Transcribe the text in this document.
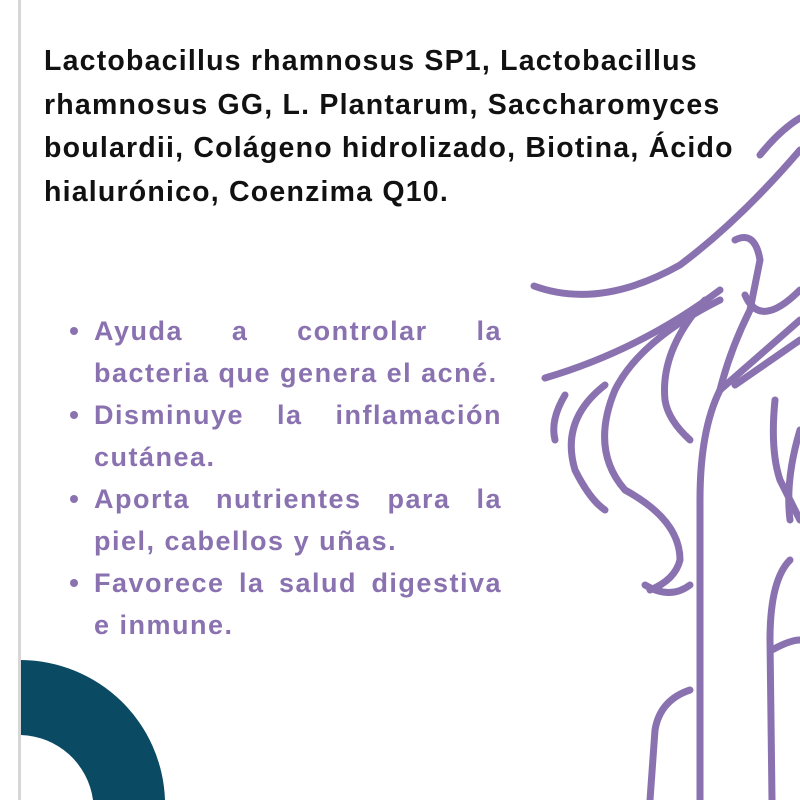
Lactobacillus rhamnosus SP1, Lactobacillus rhamnosus GG, L. Plantarum, Saccharomyces boulardii, Colágeno hidrolizado, Biotina, Ácido hialurónico, Coenzima Q10.

Ayuda a controlar la bacteria que genera el acné.
Disminuye la inflamación cutánea.
Aporta nutrientes para la piel, cabellos y uñas.
Favorece la salud digestiva e inmune.
